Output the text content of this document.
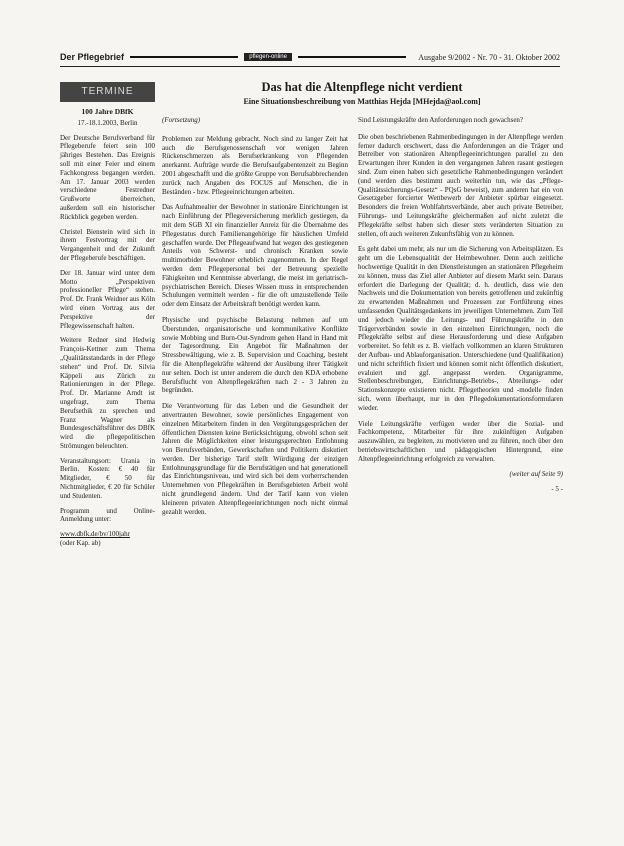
Der Pflegebrief	pflegen-online	Ausgabe 9/2002 - Nr. 70 - 31. Oktober 2002
TERMINE
100 Jahre DBfK
17.-18.1.2003, Berlin

Der Deutsche Berufsverband für Pflegeberufe feiert sein 100 jähriges Bestehen. Das Ereignis soll mit einer Feier und einem Fachkongress begangen werden. Am 17. Januar 2003 werden verschiedene Festredner Grußworte überreichen, außerdem soll ein historischer Rückblick gegeben werden.

Christel Bienstein wird sich in ihrem Festvortrag mit der Vergangenheit und der Zukunft der Pflegeberufe beschäftigen.

Der 18. Januar wird unter dem Motto „Perspektiven professioneller Pflege“ stehen. Prof. Dr. Frank Weidner aus Köln wird einen Vortrag aus der Perspektive der Pflegewissenschaft halten.

Weitere Redner sind Hedwig François-Kettner zum Thema „Qualitätsstandards in der Pflege stehen“ und Prof. Dr. Silvia Käppeli aus Zürich zu Rationierungen in der Pflege. Prof. Dr. Marianne Arndt ist ungefragt, zum Thema Berufsethik zu sprechen und Franz Wagner als Bundesgeschäftsführer des DBfK wird die pflegepolitischen Strömungen beleuchten.

Veranstaltungsort: Urania in Berlin. Kosten: € 40 für Mitglieder, € 50 für Nichtmitglieder, € 20 für Schüler und Studenten.

Programm und Online-Anmeldung unter:

www.dbfk.de/bv/100jahr
(oder Kap. ab)
Das hat die Altenpflege nicht verdient
Eine Situationsbeschreibung von Matthias Hejda [MHejda@aol.com]

(Fortsetzung)

Problemen zur Meldung gebracht. Noch sind zu langer Zeit hat auch die Berufsgenossenschaft vor wenigen Jahren Rückenschmerzen als Berufserkrankung von Pflegenden anerkannt. Aufträge wurde die Berufsaufgabentenzeit zu Beginn 2001 abgeschafft und die größte Gruppe von Berufsabbrechenden zurück nach Angaben des FOCUS auf Menschen, die in Beständen - bzw. Pflegeeinrichtungen arbeiten.

Das Aufnahmealter der Bewohner in stationäre Einrichtungen ist nach Einführung der Pflegeversicherung merklich gestiegen, da mit dem SGB XI ein finanzieller Anreiz für die Übernahme des Pflegestatus durch Familienangehörige für häuslichen Umfeld geschaffen wurde. Der Pflegeaufwand hat wegen des gestiegenen Anteils von Schwerst- und chronisch Kranken sowie multimorbider Bewohner erheblich zugenommen. In der Regel werden dem Pflegepersonal bei der Betreuung spezielle Fähigkeiten und Kenntnisse abverlangt, die meist im geriatrisch-psychiatrischen Bereich. Dieses Wissen muss in entsprechenden Schulungen vermittelt werden - für die oft umzustellende Teile oder dem Einsatz der Arbeitskraft benötigt werden kann.

Physische und psychische Belastung nehmen auf um Überstunden, organisatorische und kommunikative Konflikte sowie Mobbing und Burn-Out-Syndrom gehen Hand in Hand mit der Tagesordnung. Ein Angebot für Maßnahmen der Stressbewältigung, wie z. B. Supervision und Coaching, besteht für die Altenpflegekräfte während der Ausübung ihrer Tätigkeit nur selten. Doch ist unter anderem die durch den KDA erhobene Berufsflucht von Altenpflegekräften nach 2 - 3 Jahren zu begründen.

Die Verantwortung für das Leben und die Gesundheit der anvertrauten Bewohner, sowie persönliches Engagement von einzelnen Mitarbeitern finden in den Vergütungsgesprächen der öffentlichen Diensten keine Berücksichtigung, obwohl schon seit Jahren die Möglichkeiten einer leistungsgerechten Entlohnung von Berufsverbänden, Gewerkschaften und Politikern diskutiert werden. Der bisherige Tarif stellt Würdigung der einzigen Entlohnungsgrundlage für die Berufstätigen und hat generationell das Einrichtungsniveau, und wird sich bei dem vorherrschenden Unternehmen von Pflegekräften in Berufsgebieten Arbeit wohl nicht grundlegend ändern. Und der Tarif kann von vielen kleineren privaten Altenpflegeeinrichtungen noch nicht einmal gezahlt werden.

Sind Leistungskräfte den Anforderungen noch gewachsen?

Die oben beschriebenen Rahmenbedingungen in der Altenpflege werden ferner dadurch erschwert, dass die Anforderungen an die Träger und Betreiber von stationären Altenpflegeeinrichtungen parallel zu den Erwartungen ihrer Kunden in den vergangenen Jahren rasant gestiegen sind. Zum einen haben sich gesetzliche Rahmenbedingungen verändert (und werden dies bestimmt auch weiterhin tun, wie das „Pflege-Qualitätssicherungs-Gesetz“ - PQsG beweist), zum anderen hat ein von Gesetzgeber forcierter Wettbewerb der Anbieter spürbar eingesetzt. Besonders die freien Wohlfahrtsverbände, aber auch private Betreiber, Führungs- und Leitungskräfte gleichermaßen auf nicht zuletzt die Pflegekräfte selbst haben sich dieser stets veränderten Situation zu stellen, oft auch weiteren Zukunftsfähig von zu können.

Es geht dabei um mehr, als nur um die Sicherung von Arbeitsplätzen. Es geht um die Lebensqualität der Heimbewohner. Denn auch zeitliche hochwertige Qualität in den Dienstleistungen an stationären Pflegeheim zu können, muss das Ziel aller Anbieter auf diesem Markt sein. Daraus erfordert die Darlegung der Qualität; d. h. deutlich, dass wie den Nachweis und die Dokumentation von bereits getroffenen und zukünftig zu erwartenden Maßnahmen und Prozessen zur Fortführung eines umfassenden Qualitätsgedankens im jeweiligen Unternehmen. Zum Teil und jedoch wieder die Leitungs- und Führungskräfte in den Trägerverbänden sowie in den einzelnen Einrichtungen, noch die Pflegekräfte selbst auf diese Herausforderung und diese Aufgaben vorbereitet. So fehlt es z. B. vielfach vollkommen an klaren Strukturen der Aufbau- und Ablauforganisation. Unterschiedene (und Qualifikation) und nicht schriftlich fixiert und können somit nicht öffentlich diskutiert, evaluiert und ggf. angepasst werden. Organigramme, Stellenbeschreibungen, Einrichtungs-Betriebs-, Abteilungs- oder Stationskonzepte existieren nicht. Pflegetheorien und -modelle finden sich, wenn überhaupt, nur in den Pflegedokumentationsformularen wieder.

Viele Leitungskräfte verfügen weder über die Sozial- und Fachkompetenz, Mitarbeiter für ihre zukünftigen Aufgaben auszuwählen, zu begleiten, zu motivieren und zu führen, noch über den betriebswirtschaftlichen und pädagogischen Hintergrund, eine Altenpflegeeinrichtung erfolgreich zu verwalten.

(weiter auf Seite 9)
- 5 -
